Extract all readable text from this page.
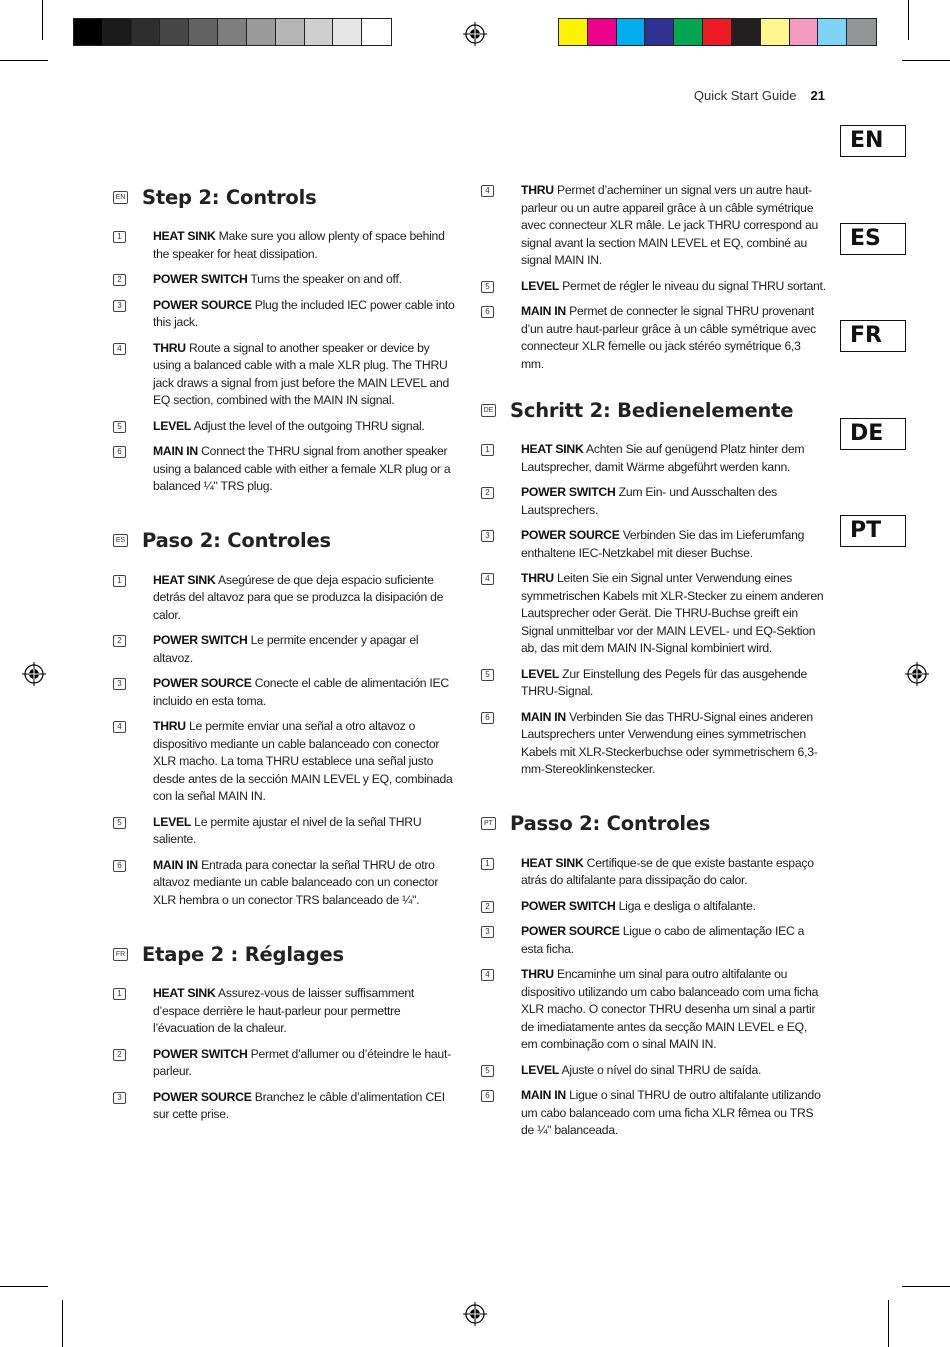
Quick Start Guide 21
EN
ES
FR
DE
PT
EN Step 2: Controls
1	HEAT SINK Make sure you allow plenty of space behind the speaker for heat dissipation.
2	POWER SWITCH Turns the speaker on and off.
3	POWER SOURCE Plug the included IEC power cable into this jack.
4	THRU Route a signal to another speaker or device by using a balanced cable with a male XLR plug. The THRU jack draws a signal from just before the MAIN LEVEL and EQ section, combined with the MAIN IN signal.
5	LEVEL Adjust the level of the outgoing THRU signal.
6	MAIN IN Connect the THRU signal from another speaker using a balanced cable with either a female XLR plug or a balanced ¼" TRS plug.
ES Paso 2: Controles
1	HEAT SINK Asegúrese de que deja espacio suficiente detrás del altavoz para que se produzca la disipación de calor.
2	POWER SWITCH Le permite encender y apagar el altavoz.
3	POWER SOURCE Conecte el cable de alimentación IEC incluido en esta toma.
4	THRU Le permite enviar una señal a otro altavoz o dispositivo mediante un cable balanceado con conector XLR macho. La toma THRU establece una señal justo desde antes de la sección MAIN LEVEL y EQ, combinada con la señal MAIN IN.
5	LEVEL Le permite ajustar el nivel de la señal THRU saliente.
6	MAIN IN Entrada para conectar la señal THRU de otro altavoz mediante un cable balanceado con un conector XLR hembra o un conector TRS balanceado de ¼".
FR Etape 2 : Réglages
1	HEAT SINK Assurez-vous de laisser suffisamment d’espace derrière le haut-parleur pour permettre l’évacuation de la chaleur.
2	POWER SWITCH Permet d’allumer ou d’éteindre le haut-parleur.
3	POWER SOURCE Branchez le câble d’alimentation CEI sur cette prise.
4	THRU Permet d’acheminer un signal vers un autre haut-parleur ou un autre appareil grâce à un câble symétrique avec connecteur XLR mâle. Le jack THRU correspond au signal avant la section MAIN LEVEL et EQ, combiné au signal MAIN IN.
5	LEVEL Permet de régler le niveau du signal THRU sortant.
6	MAIN IN Permet de connecter le signal THRU provenant d’un autre haut-parleur grâce à un câble symétrique avec connecteur XLR femelle ou jack stéréo symétrique 6,3 mm.
DE Schritt 2: Bedienelemente
1	HEAT SINK Achten Sie auf genügend Platz hinter dem Lautsprecher, damit Wärme abgeführt werden kann.
2	POWER SWITCH Zum Ein- und Ausschalten des Lautsprechers.
3	POWER SOURCE Verbinden Sie das im Lieferumfang enthaltene IEC-Netzkabel mit dieser Buchse.
4	THRU Leiten Sie ein Signal unter Verwendung eines symmetrischen Kabels mit XLR-Stecker zu einem anderen Lautsprecher oder Gerät. Die THRU-Buchse greift ein Signal unmittelbar vor der MAIN LEVEL- und EQ-Sektion ab, das mit dem MAIN IN-Signal kombiniert wird.
5	LEVEL Zur Einstellung des Pegels für das ausgehende THRU-Signal.
6	MAIN IN Verbinden Sie das THRU-Signal eines anderen Lautsprechers unter Verwendung eines symmetrischen Kabels mit XLR-Steckerbuchse oder symmetrischem 6,3-mm-Stereoklinkenstecker.
PT Passo 2: Controles
1	HEAT SINK Certifique-se de que existe bastante espaço atrás do altifalante para dissipação do calor.
2	POWER SWITCH Liga e desliga o altifalante.
3	POWER SOURCE Ligue o cabo de alimentação IEC a esta ficha.
4	THRU Encaminhe um sinal para outro altifalante ou dispositivo utilizando um cabo balanceado com uma ficha XLR macho. O conector THRU desenha um sinal a partir de imediatamente antes da secção MAIN LEVEL e EQ, em combinação com o sinal MAIN IN.
5	LEVEL Ajuste o nível do sinal THRU de saída.
6	MAIN IN Ligue o sinal THRU de outro altifalante utilizando um cabo balanceado com uma ficha XLR fêmea ou TRS de ¼" balanceada.
